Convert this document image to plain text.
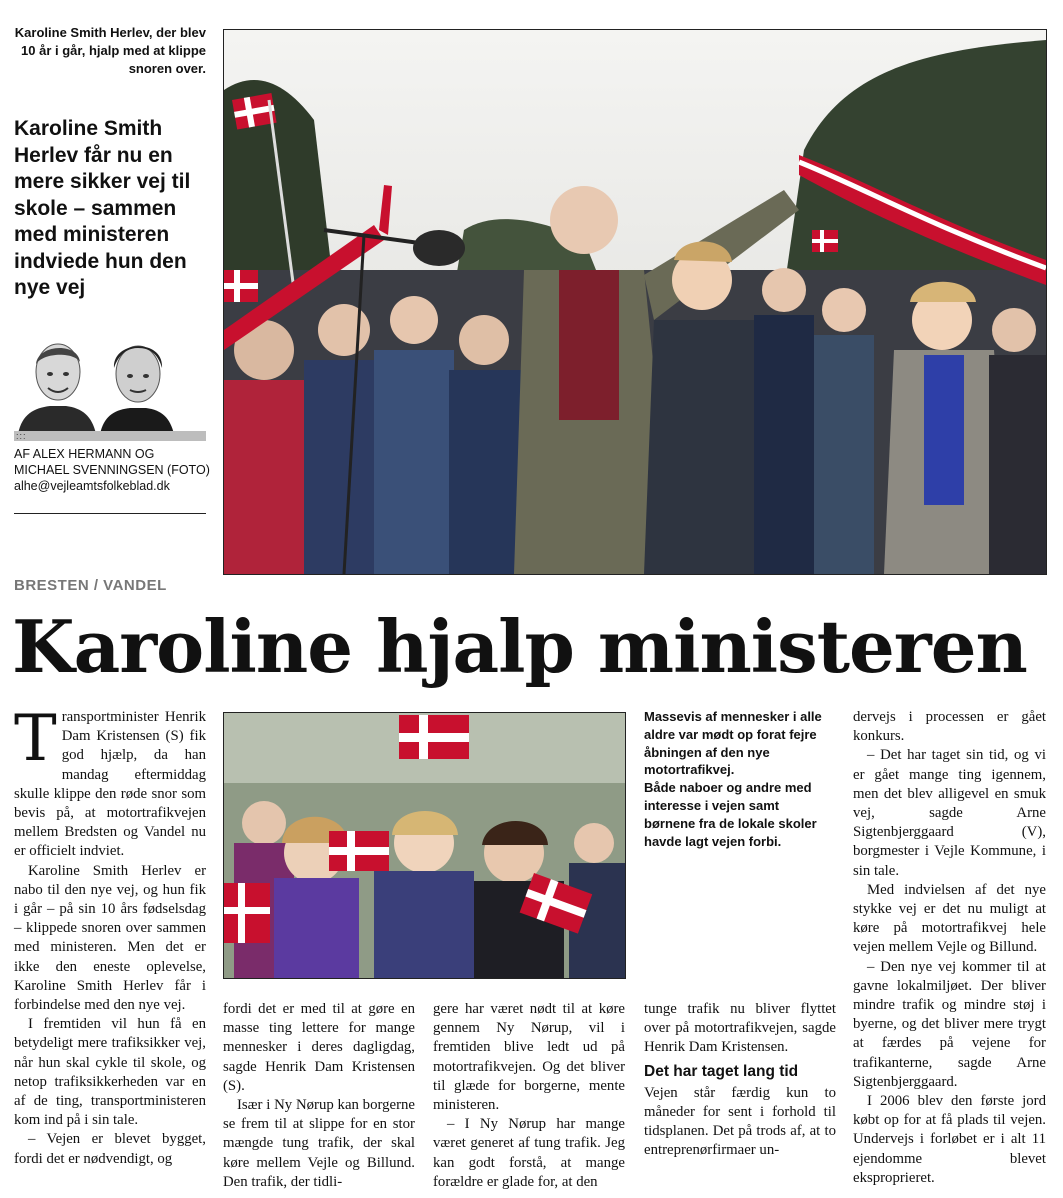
Karoline Smith Herlev, der blev 10 år i går, hjalp med at klippe snoren over.
Karoline Smith Herlev får nu en mere sikker vej til skole – sammen med ministeren indviede hun den nye vej
:::
AF ALEX HERMANN OG
MICHAEL SVENNINGSEN (FOTO)
alhe@vejleamtsfolkeblad.dk
BRESTEN / VANDEL
Karoline hjalp ministeren

Transportminister Henrik Dam Kristensen (S) fik god hjælp, da han mandag eftermiddag skulle klippe den røde snor som bevis på, at motortrafikvejen mellem Bredsten og Vandel nu er officielt indviet.

Karoline Smith Herlev er nabo til den nye vej, og hun fik i går – på sin 10 års fødselsdag – klippede snoren over sammen med ministeren. Men det er ikke den eneste oplevelse, Karoline Smith Herlev får i forbindelse med den nye vej.

I fremtiden vil hun få en betydeligt mere trafiksikker vej, når hun skal cykle til skole, og netop trafiksikkerheden var en af de ting, transportministeren kom ind på i sin tale.

– Vejen er blevet bygget, fordi det er nødvendigt, og

Massevis af mennesker i alle aldre var mødt op forat fejre åbningen af den nye motortrafikvej.
Både naboer og andre med interesse i vejen samt børnene fra de lokale skoler havde lagt vejen forbi.

fordi det er med til at gøre en masse ting lettere for mange mennesker i deres dagligdag, sagde Henrik Dam Kristensen (S).

Især i Ny Nørup kan borgerne se frem til at slippe for en stor mængde tung trafik, der skal køre mellem Vejle og Billund. Den trafik, der tidli-

gere har været nødt til at køre gennem Ny Nørup, vil i fremtiden blive ledt ud på motortrafikvejen. Og det bliver til glæde for borgerne, mente ministeren.

– I Ny Nørup har mange været generet af tung trafik. Jeg kan godt forstå, at mange forældre er glade for, at den

tunge trafik nu bliver flyttet over på motortrafikvejen, sagde Henrik Dam Kristensen.

Det har taget lang tid

Vejen står færdig kun to måneder for sent i forhold til tidsplanen. Det på trods af, at to entreprenørfirmaer un-

dervejs i processen er gået konkurs.

– Det har taget sin tid, og vi er gået mange ting igennem, men det blev alligevel en smuk vej, sagde Arne Sigtenbjerggaard (V), borgmester i Vejle Kommune, i sin tale.

Med indvielsen af det nye stykke vej er det nu muligt at køre på motortrafikvej hele vejen mellem Vejle og Billund.

– Den nye vej kommer til at gavne lokalmiljøet. Der bliver mindre trafik og mindre støj i byerne, og det bliver mere trygt at færdes på vejene for trafikanterne, sagde Arne Sigtenbjerggaard.

I 2006 blev den første jord købt op for at få plads til vejen. Undervejs i forløbet er i alt 11 ejendomme blevet eksproprieret.
